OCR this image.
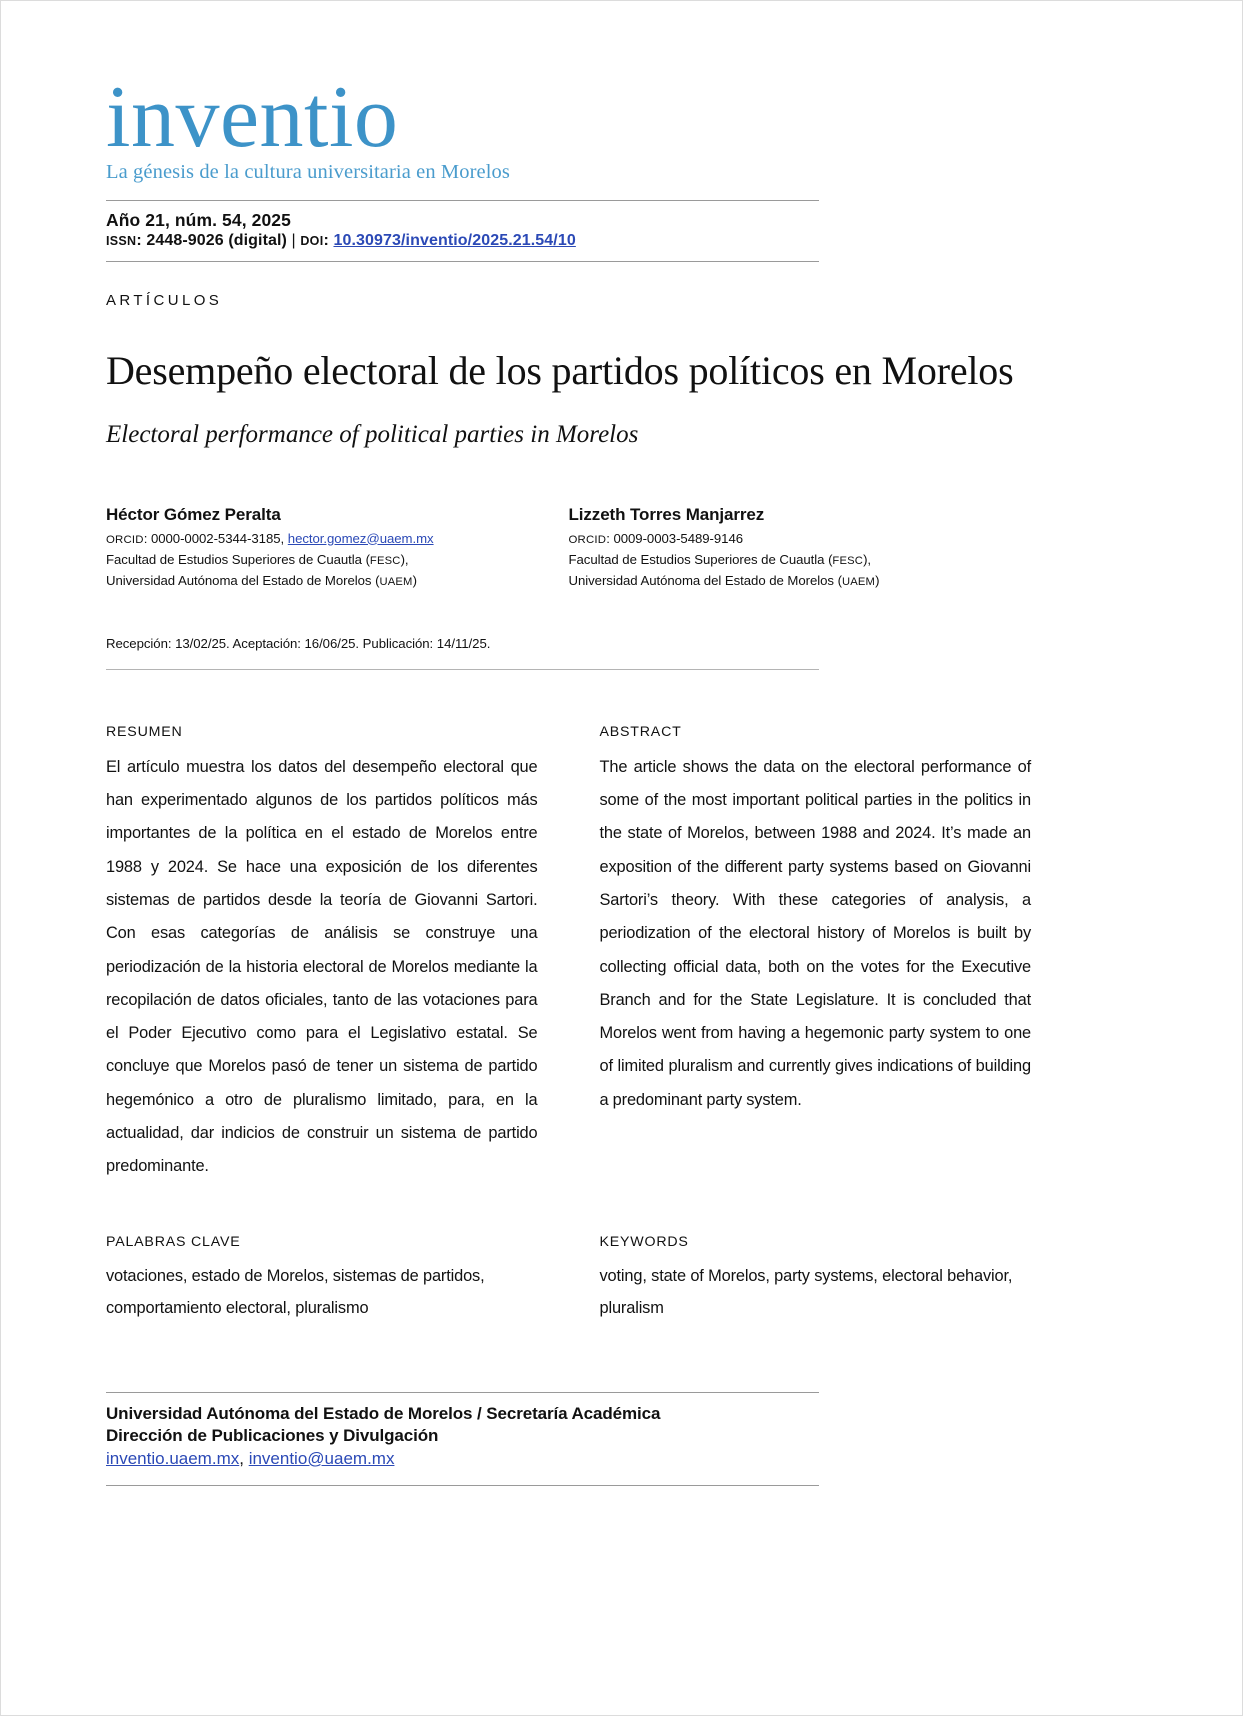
inventio
La génesis de la cultura universitaria en Morelos
Año 21, núm. 54, 2025
ISSN: 2448-9026 (digital) | DOI: 10.30973/inventio/2025.21.54/10
ARTÍCULOS
Desempeño electoral de los partidos políticos en Morelos
Electoral performance of political parties in Morelos
Héctor Gómez Peralta
ORCID: 0000-0002-5344-3185, hector.gomez@uaem.mx
Facultad de Estudios Superiores de Cuautla (FESC),
Universidad Autónoma del Estado de Morelos (UAEM)
Lizzeth Torres Manjarrez
ORCID: 0009-0003-5489-9146
Facultad de Estudios Superiores de Cuautla (FESC),
Universidad Autónoma del Estado de Morelos (UAEM)
Recepción: 13/02/25. Aceptación: 16/06/25. Publicación: 14/11/25.
RESUMEN

El artículo muestra los datos del desempeño electoral que han experimentado algunos de los partidos políticos más importantes de la política en el estado de Morelos entre 1988 y 2024. Se hace una exposición de los diferentes sistemas de partidos desde la teoría de Giovanni Sartori. Con esas categorías de análisis se construye una periodización de la historia electoral de Morelos mediante la recopilación de datos oficiales, tanto de las votaciones para el Poder Ejecutivo como para el Legislativo estatal. Se concluye que Morelos pasó de tener un sistema de partido hegemónico a otro de pluralismo limitado, para, en la actualidad, dar indicios de construir un sistema de partido predominante.

ABSTRACT

The article shows the data on the electoral performance of some of the most important political parties in the politics in the state of Morelos, between 1988 and 2024. It’s made an exposition of the different party systems based on Giovanni Sartori’s theory. With these categories of analysis, a periodization of the electoral history of Morelos is built by collecting official data, both on the votes for the Executive Branch and for the State Legislature. It is concluded that Morelos went from having a hegemonic party system to one of limited pluralism and currently gives indications of building a predominant party system.

PALABRAS CLAVE
votaciones, estado de Morelos, sistemas de partidos, comportamiento electoral, pluralismo
KEYWORDS
voting, state of Morelos, party systems, electoral behavior, pluralism
Universidad Autónoma del Estado de Morelos / Secretaría Académica
Dirección de Publicaciones y Divulgación
inventio.uaem.mx, inventio@uaem.mx
